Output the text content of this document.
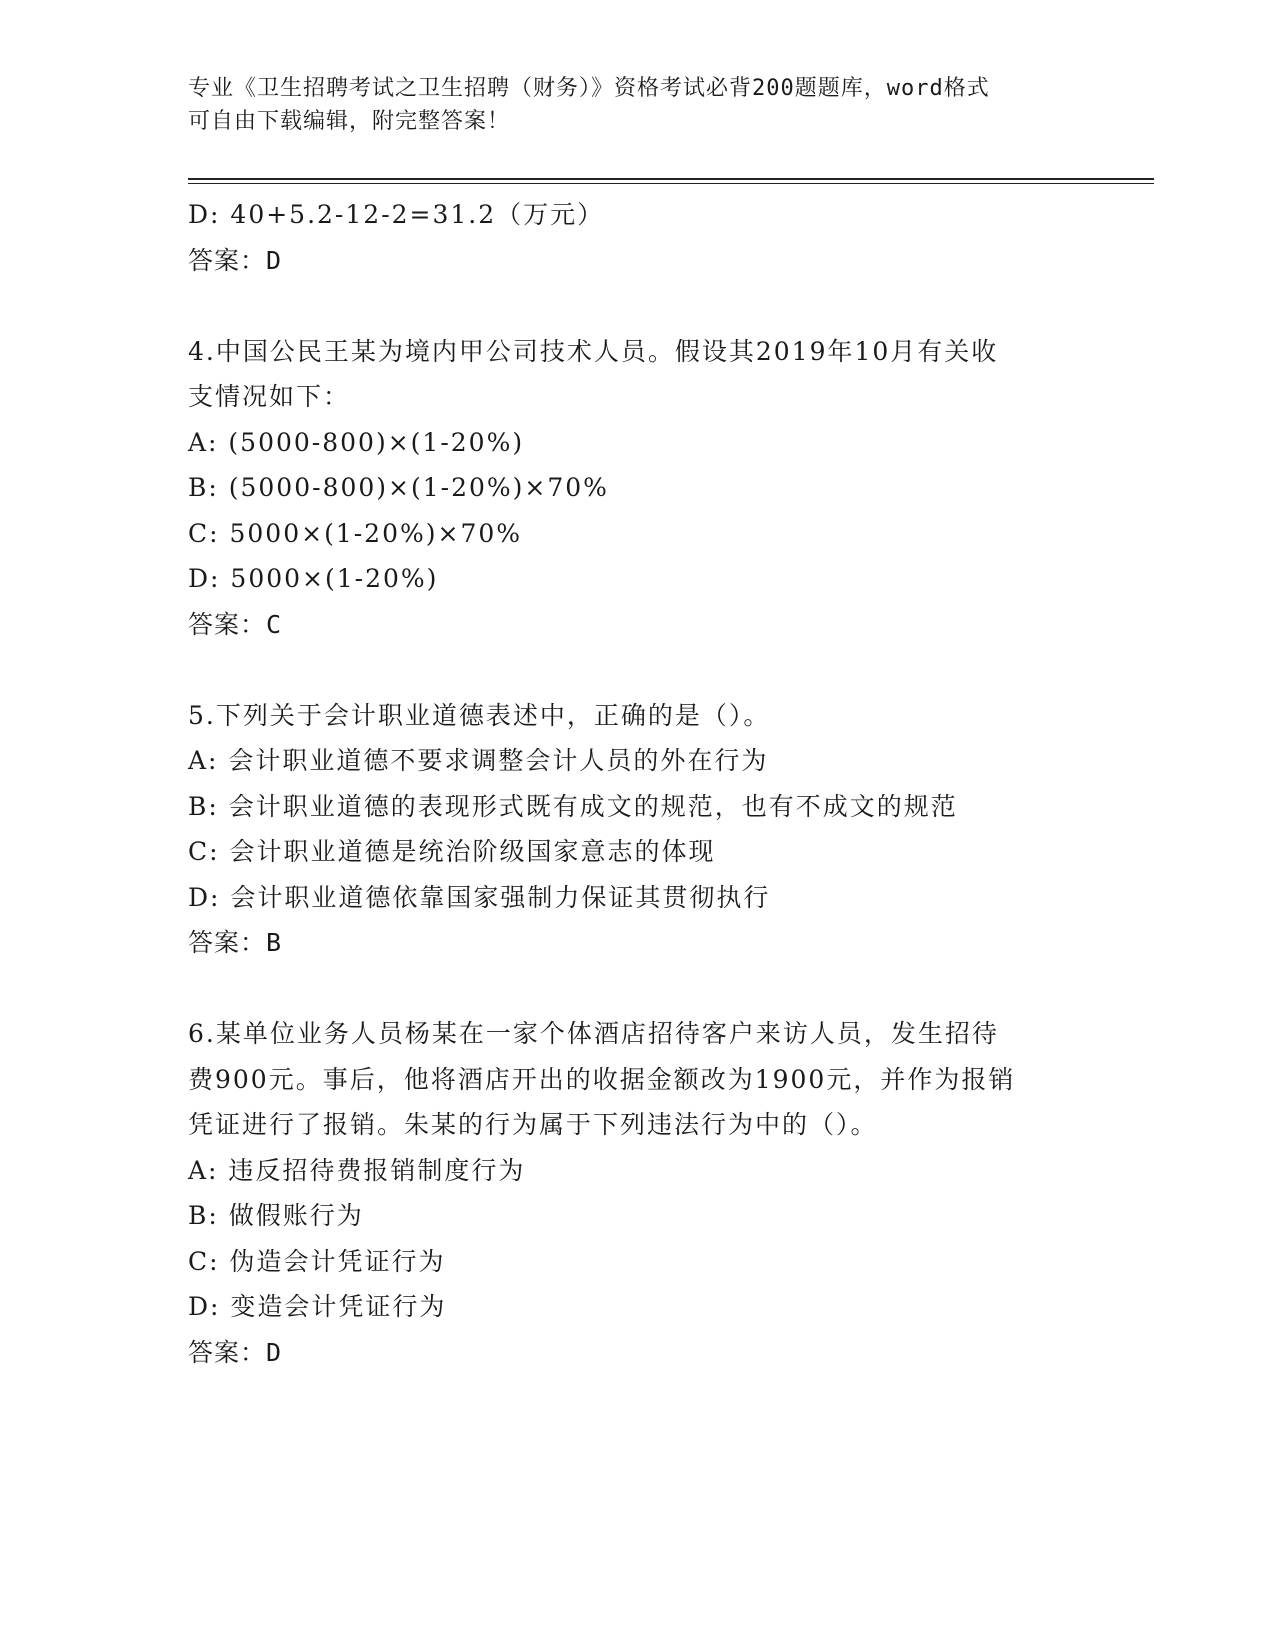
专业《卫生招聘考试之卫生招聘（财务）》资格考试必背200题题库，word格式
可自由下载编辑，附完整答案！
D: 40+5.2-12-2=31.2（万元）
答案：D
4.中国公民王某为境内甲公司技术人员。假设其2019年10月有关收
支情况如下：
A: (5000-800)×(1-20%)
B: (5000-800)×(1-20%)×70%
C: 5000×(1-20%)×70%
D: 5000×(1-20%)
答案：C
5.下列关于会计职业道德表述中，正确的是（）。
A: 会计职业道德不要求调整会计人员的外在行为
B: 会计职业道德的表现形式既有成文的规范，也有不成文的规范
C: 会计职业道德是统治阶级国家意志的体现
D: 会计职业道德依靠国家强制力保证其贯彻执行
答案：B
6.某单位业务人员杨某在一家个体酒店招待客户来访人员，发生招待
费900元。事后，他将酒店开出的收据金额改为1900元，并作为报销
凭证进行了报销。朱某的行为属于下列违法行为中的（）。
A: 违反招待费报销制度行为
B: 做假账行为
C: 伪造会计凭证行为
D: 变造会计凭证行为
答案：D
